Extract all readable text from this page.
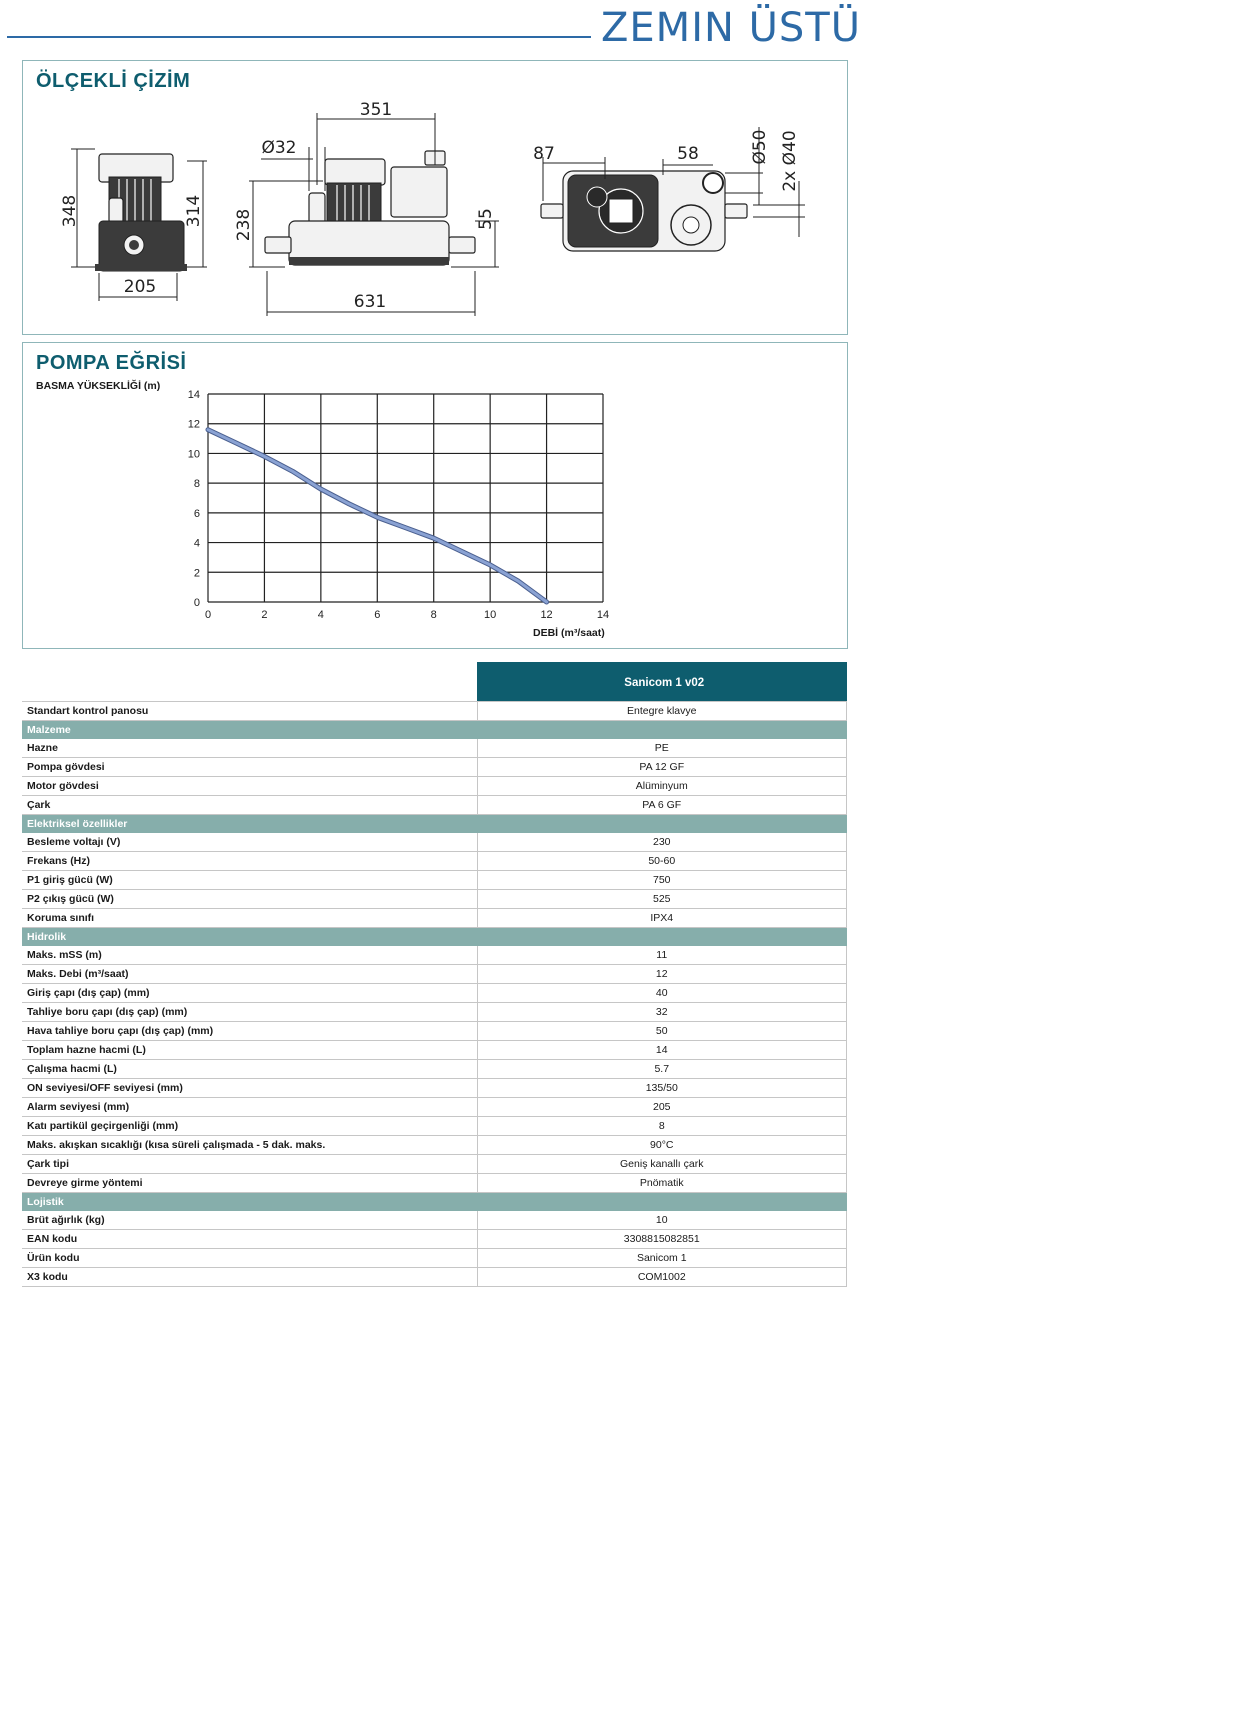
ZEMIN ÜSTÜ
ÖLÇEKLİ ÇİZİM
348	314
205
351
Ø32
238	55
631
87	58	Ø50 2x Ø40
POMPA EĞRİSİ
BASMA YÜKSEKLİĞİ (m)
DEBİ (m³/saat)
0	2	4	6	8	10	12	14
0
2
4
6
8
10
12
14
	Sanicom 1 v02
Standart kontrol panosu	Entegre klavye
Malzeme	
Hazne	PE
Pompa gövdesi	PA 12 GF
Motor gövdesi	Alüminyum
Çark	PA 6 GF
Elektriksel özellikler	
Besleme voltajı (V)	230
Frekans (Hz)	50-60
P1 giriş gücü (W)	750
P2 çıkış gücü (W)	525
Koruma sınıfı	IPX4
Hidrolik	
Maks. mSS (m)	11
Maks. Debi (m³/saat)	12
Giriş çapı (dış çap) (mm)	40
Tahliye boru çapı (dış çap) (mm)	32
Hava tahliye boru çapı (dış çap) (mm)	50
Toplam hazne hacmi (L)	14
Çalışma hacmi (L)	5.7
ON seviyesi/OFF seviyesi (mm)	135/50
Alarm seviyesi (mm)	205
Katı partikül geçirgenliği (mm)	8
Maks. akışkan sıcaklığı (kısa süreli çalışmada - 5 dak. maks.	90°C
Çark tipi	Geniş kanallı çark
Devreye girme yöntemi	Pnömatik
Lojistik	
Brüt ağırlık (kg)	10
EAN kodu	3308815082851
Ürün kodu	Sanicom 1
X3 kodu	COM1002
